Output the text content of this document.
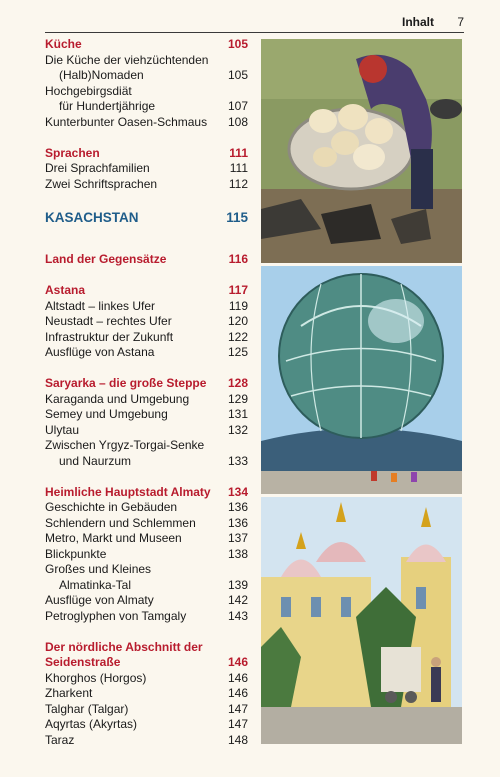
Inhalt 7
Küche	105
Die Küche der viehzüchtenden
(Halb)Nomaden	105
Hochgebirgsdiät
für Hundertjährige	107
Kunterbunter Oasen-Schmaus 108
Sprachen	111
Drei Sprachfamilien	111
Zwei Schriftsprachen	112
KASACHSTAN	115
Land der Gegensätze	116
Astana	117
Altstadt – linkes Ufer	119
Neustadt – rechtes Ufer	120
Infrastruktur der Zukunft	122
Ausflüge von Astana	125
Saryarka – die große Steppe 128
Karaganda und Umgebung	129
Semey und Umgebung	131
Ulytau	132
Zwischen Yrgyz-Torgai-Senke
und Naurzum	133
Heimliche Hauptstadt Almaty 134
Geschichte in Gebäuden	136
Schlendern und Schlemmen	136
Metro, Markt und Museen	137
Blickpunkte	138
Großes und Kleines
Almatinka-Tal	139
Ausflüge von Almaty	142
Petroglyphen von Tamgaly	143
Der nördliche Abschnitt der
Seidenstraße	146
Khorghos (Horgos)	146
Zharkent	146
Talghar (Talgar)	147
Aqyrtas (Akyrtas)	147
Taraz	148
